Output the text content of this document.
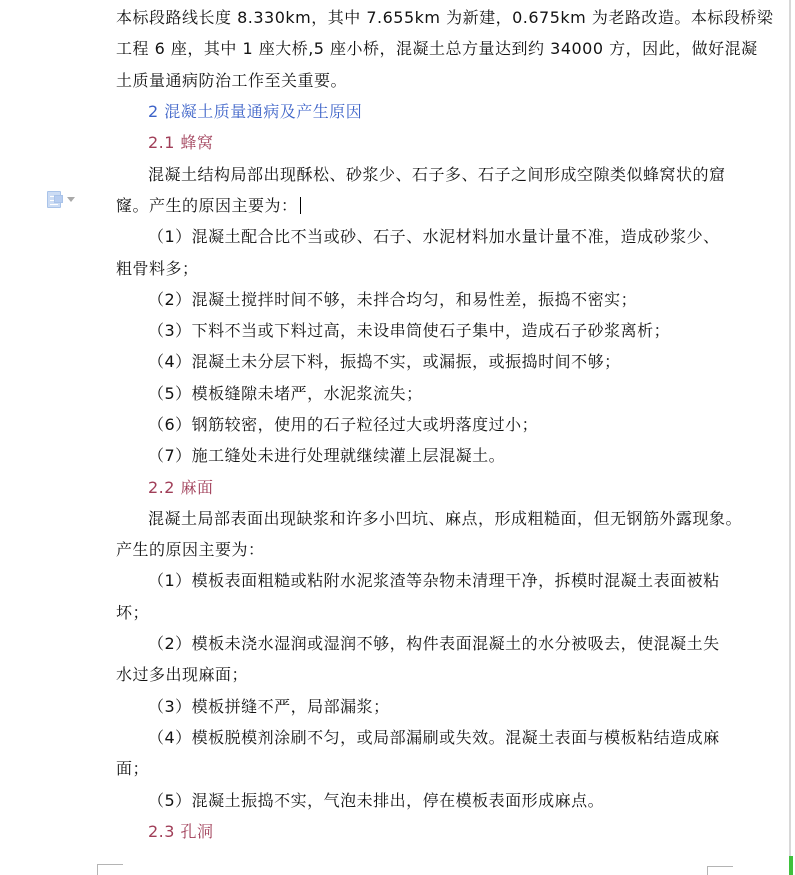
本标段路线长度 8.330km，其中 7.655km 为新建，0.675km 为老路改造。本标段桥梁
工程 6 座，其中 1 座大桥,5 座小桥，混凝土总方量达到约 34000 方，因此，做好混凝
土质量通病防治工作至关重要。
2 混凝土质量通病及产生原因
2.1 蜂窝
混凝土结构局部出现酥松、砂浆少、石子多、石子之间形成空隙类似蜂窝状的窟
窿。产生的原因主要为：
（1）混凝土配合比不当或砂、石子、水泥材料加水量计量不准，造成砂浆少、
粗骨料多；
（2）混凝土搅拌时间不够，未拌合均匀，和易性差，振捣不密实；
（3）下料不当或下料过高，未设串筒使石子集中，造成石子砂浆离析；
（4）混凝土未分层下料，振捣不实，或漏振，或振捣时间不够；
（5）模板缝隙未堵严，水泥浆流失；
（6）钢筋较密，使用的石子粒径过大或坍落度过小；
（7）施工缝处未进行处理就继续灌上层混凝土。
2.2 麻面
混凝土局部表面出现缺浆和许多小凹坑、麻点，形成粗糙面，但无钢筋外露现象。
产生的原因主要为：
（1）模板表面粗糙或粘附水泥浆渣等杂物未清理干净，拆模时混凝土表面被粘
坏；
（2）模板未浇水湿润或湿润不够，构件表面混凝土的水分被吸去，使混凝土失
水过多出现麻面；
（3）模板拼缝不严，局部漏浆；
（4）模板脱模剂涂刷不匀，或局部漏刷或失效。混凝土表面与模板粘结造成麻
面；
（5）混凝土振捣不实，气泡未排出，停在模板表面形成麻点。
2.3 孔洞
